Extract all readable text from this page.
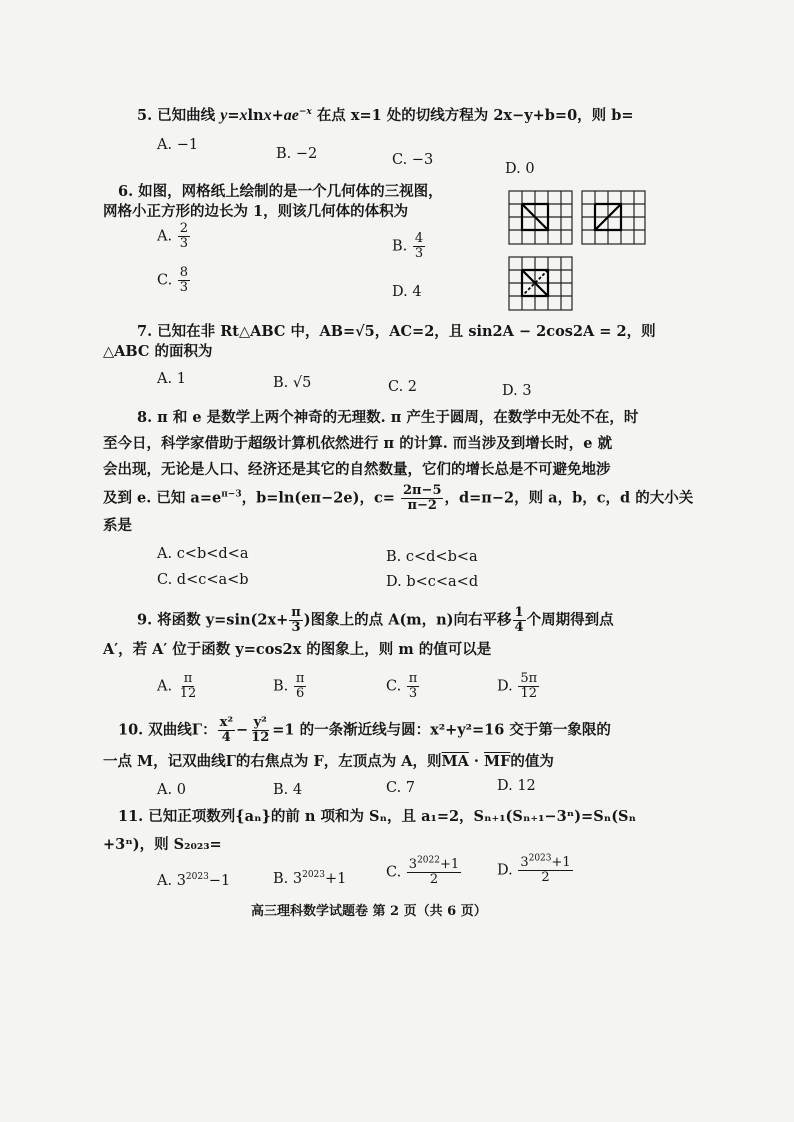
5. 已知曲线 $y=xlnx+ae^{-x}$ 在点 x=1 处的切线方程为 2x−y+b=0，则 b=
A. −1
B. −2	C. −3
D. 0
6. 如图，网格纸上绘制的是一个几何体的三视图，
网格小正方形的边长为 1，则该几何体的体积为
A. $\frac{2}{3}$	B. $\frac{4}{3}$
C. $\frac{8}{3}$	D. 4
7. 已知在非 Rt△ABC 中，AB=√5，AC=2，且 sin2A − 2cos2A = 2，则
△ABC 的面积为
A. 1	B. √5	C. 2	D. 3
8. π 和 e 是数学上两个神奇的无理数. π 产生于圆周，在数学中无处不在，时
至今日，科学家借助于超级计算机依然进行 π 的计算. 而当涉及到增长时，e 就
会出现，无论是人口、经济还是其它的自然数量，它们的增长总是不可避免地涉
及到 e. 已知 $a=e^{\pi-3}$，b=ln(eπ−2e)，$c= \frac{2\pi-5}{\pi-2}$ ，d=π−2，则 a，b，c，d 的大小关
系是
A. c<b<d<a	B. c<d<b<a
C. d<c<a<b	D. b<c<a<d
9. 将函数 $y=\sin(2x+ \frac{\pi}{3}$ )图象上的点 A(m，n)向右平移 $\frac{1}{4}$ 个周期得到点
A′，若 A′ 位于函数 y=cos2x 的图象上，则 m 的值可以是
A. $\frac{\pi}{12}$	B. $\frac{\pi}{6}$	C. $\frac{\pi}{3}$	D. $\frac{5\pi}{12}$
10. 双曲线Γ： $\frac{\text{x²}}{4} - \frac{\text{y²}}{12} =1$ 的一条渐近线与圆：x²+y²=16 交于第一象限的
一点 M，记双曲线Γ的右焦点为 F，左顶点为 A，则$\overline{MA} \cdot \overline{MF}$的值为
A. 0	B. 4	C. 7	D. 12
11. 已知正项数列{aₙ}的前 n 项和为 Sₙ，且 a₁=2，Sₙ₊₁(Sₙ₊₁−3ⁿ)=Sₙ(Sₙ
+3ⁿ)，则 S₂₀₂₃=
A. $3^{2023}-1$	B. $3^{2023}+1$	C. $\frac{3^{2022}+1}{2} D$. $\frac{3^{2023}+1}{2}$
高三理科数学试题卷 第 2 页（共 6 页）
